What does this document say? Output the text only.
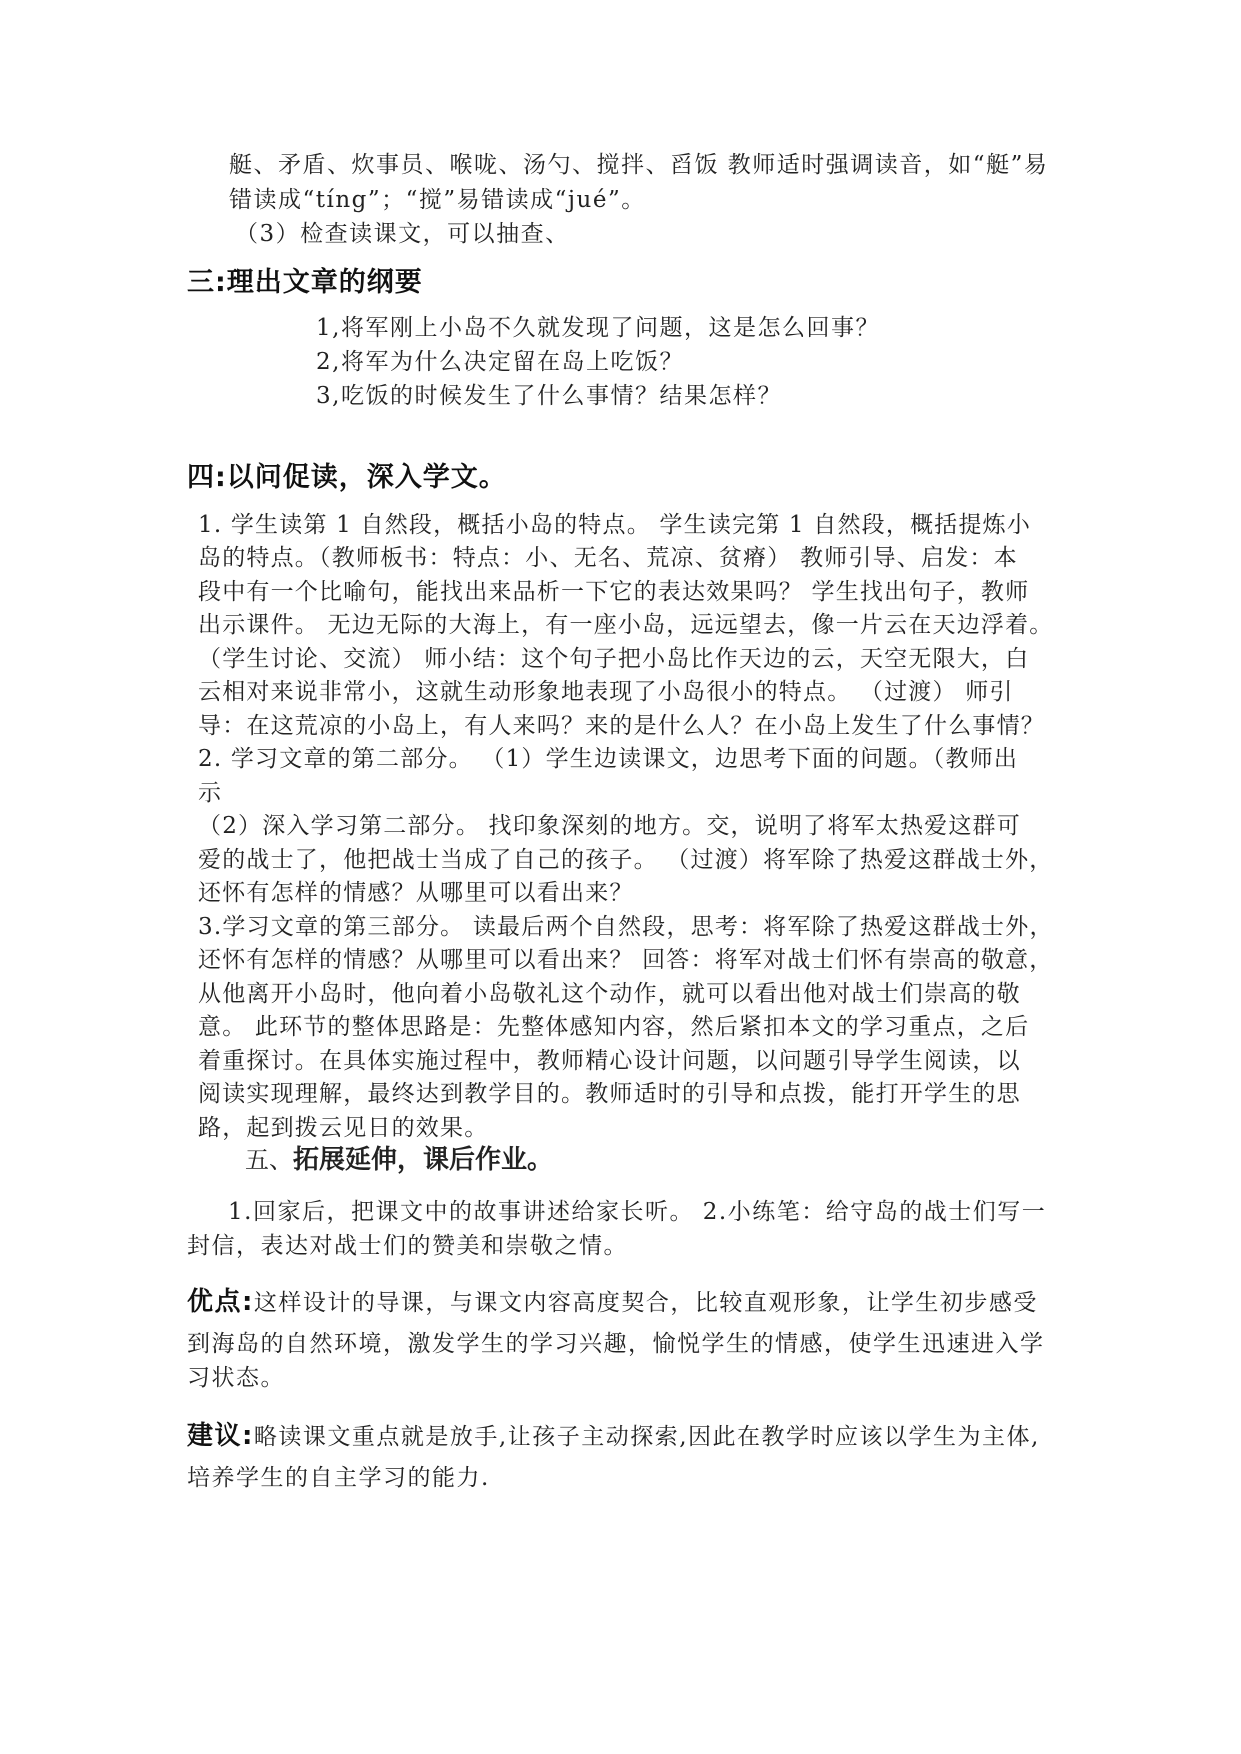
艇、矛盾、炊事员、喉咙、汤勺、搅拌、舀饭 教师适时强调读音，如“艇”易

错读成“tíng”；“搅”易错读成“jué”。

（3）检查读课文，可以抽查、

三:理出文章的纲要

1,将军刚上小岛不久就发现了问题，这是怎么回事？

2,将军为什么决定留在岛上吃饭？

3,吃饭的时候发生了什么事情？结果怎样？

四:以问促读，深入学文。

1. 学生读第 1 自然段，概括小岛的特点。 学生读完第 1 自然段，概括提炼小

岛的特点。（教师板书：特点：小、无名、荒凉、贫瘠） 教师引导、启发：本

段中有一个比喻句，能找出来品析一下它的表达效果吗？ 学生找出句子，教师

出示课件。 无边无际的大海上，有一座小岛，远远望去，像一片云在天边浮着。

（学生讨论、交流） 师小结：这个句子把小岛比作天边的云，天空无限大，白

云相对来说非常小，这就生动形象地表现了小岛很小的特点。 （过渡） 师引

导：在这荒凉的小岛上，有人来吗？来的是什么人？在小岛上发生了什么事情？

2. 学习文章的第二部分。 （1）学生边读课文，边思考下面的问题。（教师出

示

（2）深入学习第二部分。 找印象深刻的地方。交，说明了将军太热爱这群可

爱的战士了，他把战士当成了自己的孩子。 （过渡）将军除了热爱这群战士外，

还怀有怎样的情感？从哪里可以看出来？

3.学习文章的第三部分。 读最后两个自然段，思考：将军除了热爱这群战士外，

还怀有怎样的情感？从哪里可以看出来？ 回答：将军对战士们怀有崇高的敬意，

从他离开小岛时，他向着小岛敬礼这个动作，就可以看出他对战士们崇高的敬

意。 此环节的整体思路是：先整体感知内容，然后紧扣本文的学习重点，之后

着重探讨。在具体实施过程中，教师精心设计问题，以问题引导学生阅读，以

阅读实现理解，最终达到教学目的。教师适时的引导和点拨，能打开学生的思

路，起到拨云见日的效果。

五、拓展延伸，课后作业。

1.回家后，把课文中的故事讲述给家长听。 2.小练笔：给守岛的战士们写一

封信，表达对战士们的赞美和崇敬之情。

优点:这样设计的导课，与课文内容高度契合，比较直观形象，让学生初步感受

到海岛的自然环境，激发学生的学习兴趣，愉悦学生的情感，使学生迅速进入学

习状态。

建议:略读课文重点就是放手,让孩子主动探索,因此在教学时应该以学生为主体,

培养学生的自主学习的能力.
